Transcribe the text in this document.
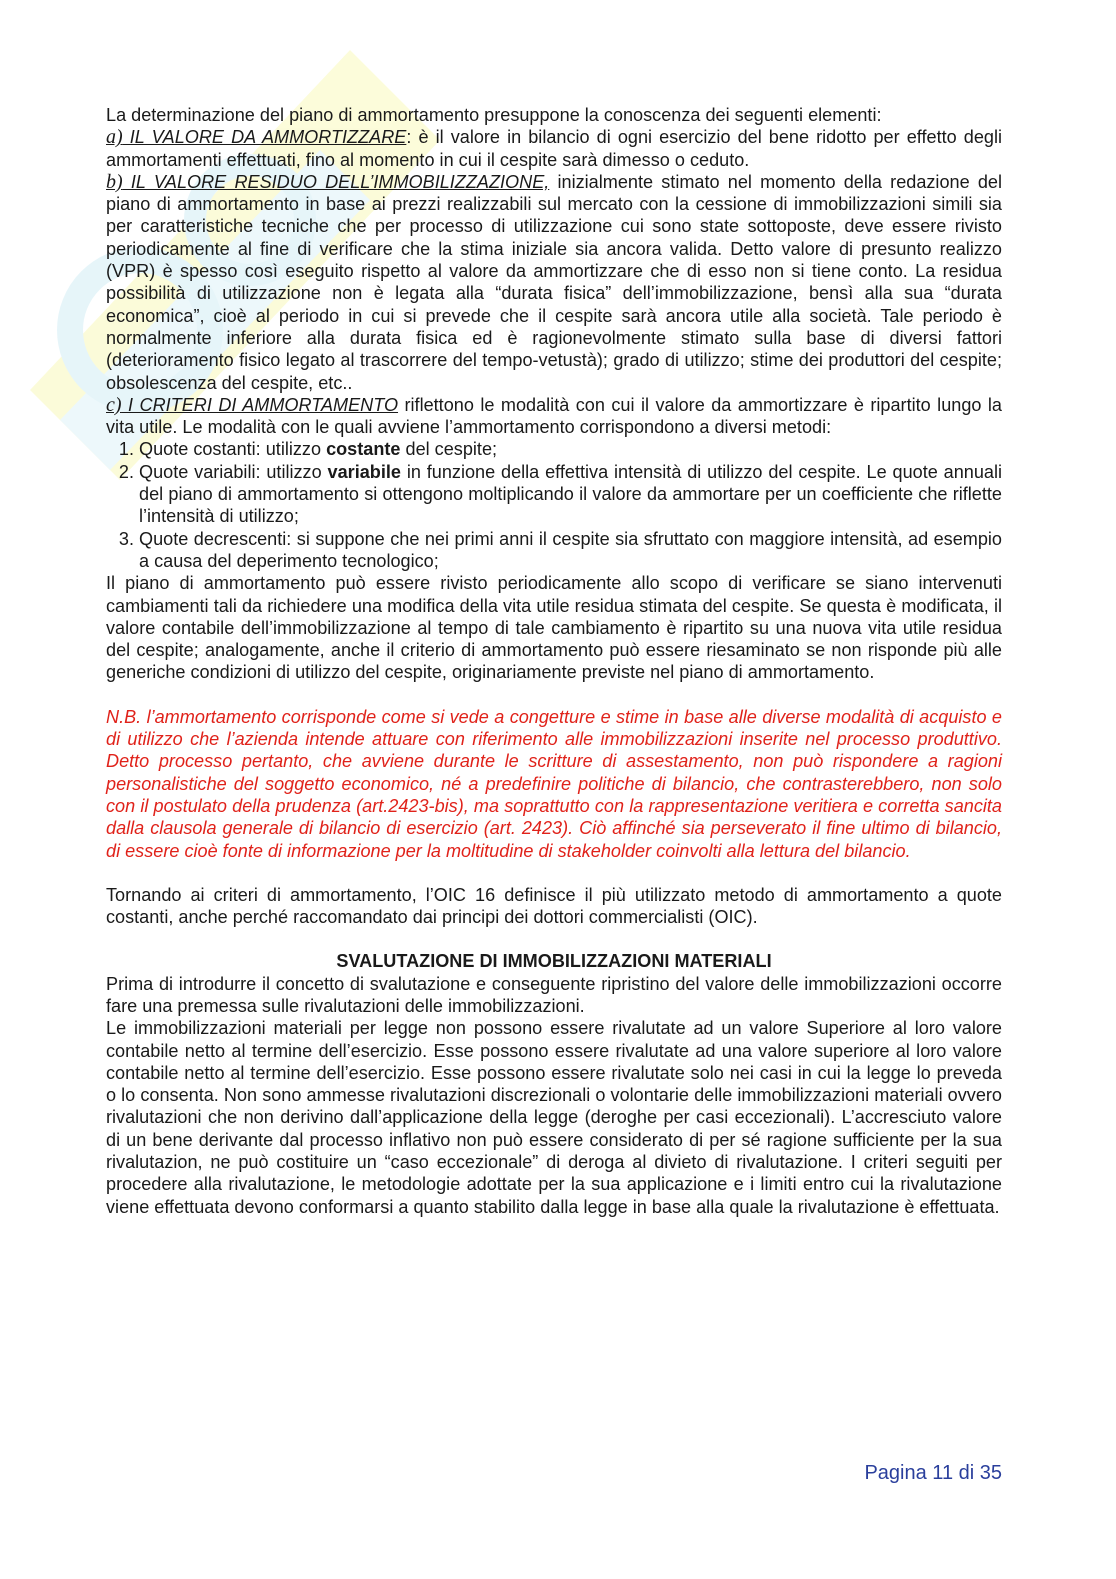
La determinazione del piano di ammortamento presuppone la conoscenza dei seguenti elementi:

a) IL VALORE DA AMMORTIZZARE: è il valore in bilancio di ogni esercizio del bene ridotto per effetto degli ammortamenti effettuati, fino al momento in cui il cespite sarà dimesso o ceduto.

b) IL VALORE RESIDUO DELL’IMMOBILIZZAZIONE, inizialmente stimato nel momento della redazione del piano di ammortamento in base ai prezzi realizzabili sul mercato con la cessione di immobilizzazioni simili sia per caratteristiche tecniche che per processo di utilizzazione cui sono state sottoposte, deve essere rivisto periodicamente al fine di verificare che la stima iniziale sia ancora valida. Detto valore di presunto realizzo (VPR) è spesso così eseguito rispetto al valore da ammortizzare che di esso non si tiene conto. La residua possibilità di utilizzazione non è legata alla “durata fisica” dell’immobilizzazione, bensì alla sua “durata economica”, cioè al periodo in cui si prevede che il cespite sarà ancora utile alla società. Tale periodo è normalmente inferiore alla durata fisica ed è ragionevolmente stimato sulla base di diversi fattori (deterioramento fisico legato al trascorrere del tempo-vetustà); grado di utilizzo; stime dei produttori del cespite; obsolescenza del cespite, etc..

c) I CRITERI DI AMMORTAMENTO riflettono le modalità con cui il valore da ammortizzare è ripartito lungo la vita utile. Le modalità con le quali avviene l’ammortamento corrispondono a diversi metodi:

1. Quote costanti: utilizzo costante del cespite;
2. Quote variabili: utilizzo variabile in funzione della effettiva intensità di utilizzo del cespite. Le quote annuali del piano di ammortamento si ottengono moltiplicando il valore da ammortare per un coefficiente che riflette l’intensità di utilizzo;
3. Quote decrescenti: si suppone che nei primi anni il cespite sia sfruttato con maggiore intensità, ad esempio a causa del deperimento tecnologico;

Il piano di ammortamento può essere rivisto periodicamente allo scopo di verificare se siano intervenuti cambiamenti tali da richiedere una modifica della vita utile residua stimata del cespite. Se questa è modificata, il valore contabile dell’immobilizzazione al tempo di tale cambiamento è ripartito su una nuova vita utile residua del cespite; analogamente, anche il criterio di ammortamento può essere riesaminato se non risponde più alle generiche condizioni di utilizzo del cespite, originariamente previste nel piano di ammortamento.

N.B. l’ammortamento corrisponde come si vede a congetture e stime in base alle diverse modalità di acquisto e di utilizzo che l’azienda intende attuare con riferimento alle immobilizzazioni inserite nel processo produttivo. Detto processo pertanto, che avviene durante le scritture di assestamento, non può rispondere a ragioni personalistiche del soggetto economico, né a predefinire politiche di bilancio, che contrasterebbero, non solo con il postulato della prudenza (art.2423-bis), ma soprattutto con la rappresentazione veritiera e corretta sancita dalla clausola generale di bilancio di esercizio (art. 2423). Ciò affinché sia perseverato il fine ultimo di bilancio, di essere cioè fonte di informazione per la moltitudine di stakeholder coinvolti alla lettura del bilancio.

Tornando ai criteri di ammortamento, l’OIC 16 definisce il più utilizzato metodo di ammortamento a quote costanti, anche perché raccomandato dai principi dei dottori commercialisti (OIC).

SVALUTAZIONE DI IMMOBILIZZAZIONI MATERIALI

Prima di introdurre il concetto di svalutazione e conseguente ripristino del valore delle immobilizzazioni occorre fare una premessa sulle rivalutazioni delle immobilizzazioni.

Le immobilizzazioni materiali per legge non possono essere rivalutate ad un valore Superiore al loro valore contabile netto al termine dell’esercizio. Esse possono essere rivalutate ad una valore superiore al loro valore contabile netto al termine dell’esercizio. Esse possono essere rivalutate solo nei casi in cui la legge lo preveda o lo consenta. Non sono ammesse rivalutazioni discrezionali o volontarie delle immobilizzazioni materiali ovvero rivalutazioni che non derivino dall’applicazione della legge (deroghe per casi eccezionali). L’accresciuto valore di un bene derivante dal processo inflativo non può essere considerato di per sé ragione sufficiente per la sua rivalutazion, ne può costituire un “caso eccezionale” di deroga al divieto di rivalutazione. I criteri seguiti per procedere alla rivalutazione, le metodologie adottate per la sua applicazione e i limiti entro cui la rivalutazione viene effettuata devono conformarsi a quanto stabilito dalla legge in base alla quale la rivalutazione è effettuata.

Pagina 11 di 35
